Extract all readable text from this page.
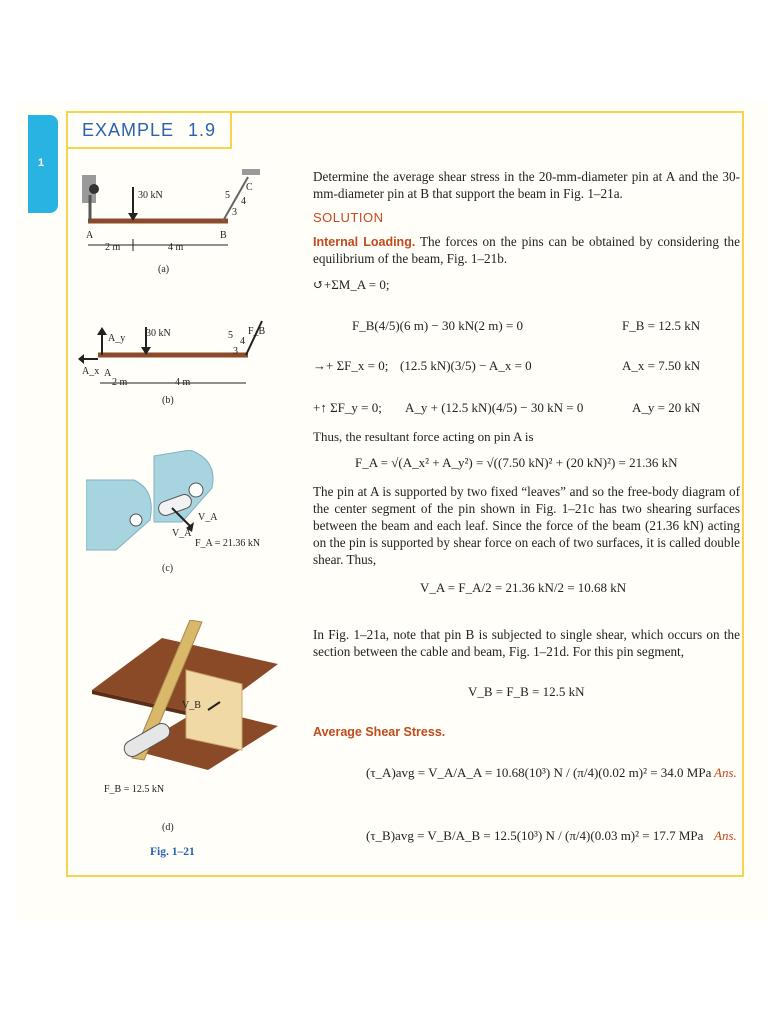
1
EXAMPLE 1.9
Determine the average shear stress in the 20-mm-diameter pin at A and the 30-mm-diameter pin at B that support the beam in Fig. 1–21a.
SOLUTION
Internal Loading. The forces on the pins can be obtained by considering the equilibrium of the beam, Fig. 1–21b.
↺+ΣM_A = 0;
F_B(4/5)(6 m) − 30 kN(2 m) = 0	F_B = 12.5 kN
→+ ΣF_x = 0; (12.5 kN)(3/5) − A_x = 0	A_x = 7.50 kN
+↑ ΣF_y = 0; A_y + (12.5 kN)(4/5) − 30 kN = 0	A_y = 20 kN
Thus, the resultant force acting on pin A is
F_A = √(A_x² + A_y²) = √((7.50 kN)² + (20 kN)²) = 21.36 kN
The pin at A is supported by two fixed “leaves” and so the free-body diagram of the center segment of the pin shown in Fig. 1–21c has two shearing surfaces between the beam and each leaf. Since the force of the beam (21.36 kN) acting on the pin is supported by shear force on each of two surfaces, it is called double shear. Thus,
V_A = F_A/2 = 21.36 kN/2 = 10.68 kN
In Fig. 1–21a, note that pin B is subjected to single shear, which occurs on the section between the cable and beam, Fig. 1–21d. For this pin segment,
V_B = F_B = 12.5 kN
Average Shear Stress.
(τ_A)avg = V_A/A_A = 10.68(10³) N / (π/4)(0.02 m)² = 34.0 MPa Ans.
(τ_B)avg = V_B/A_B = 12.5(10³) N / (π/4)(0.03 m)² = 17.7 MPa Ans.
30 kN
2 m	4 m
A	B
C
3
4
5
(a)
30 kN
A_y
A_x A
F_B
3
4
5
2 m	4 m
(b)
V_A
V_A
F_A = 21.36 kN
(c)
V_B
F_B = 12.5 kN
(d)
Fig. 1–21
